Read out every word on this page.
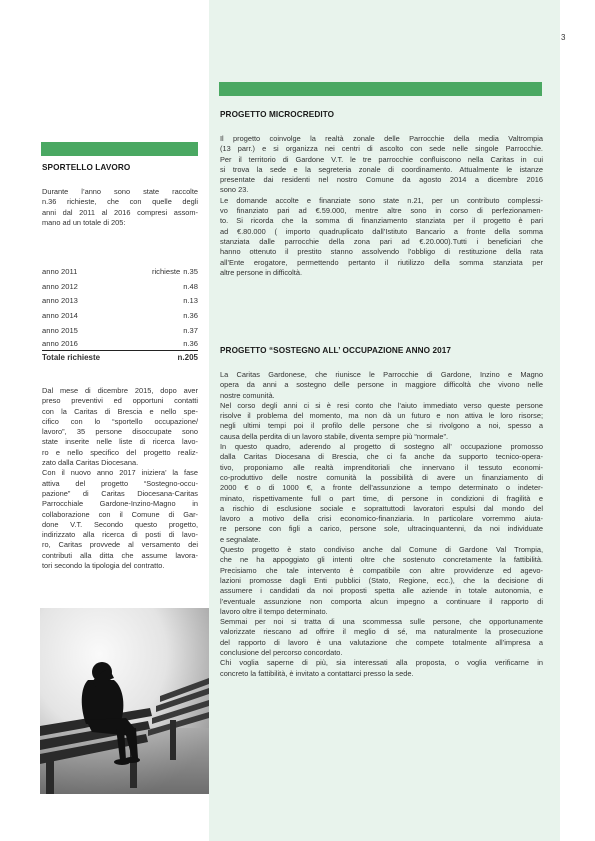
3
SPORTELLO LAVORO

Durante l’anno sono state raccolte

n.36 richieste, che con quelle degli

anni dal 2011 al 2016 compresi assom-

mano ad un totale di 205:

anno 2011	richieste n.35
anno 2012	n.48
anno 2013	n.13
anno 2014	n.36
anno 2015	n.37
anno 2016	n.36
Totale richieste	n.205

Dal mese di dicembre 2015, dopo aver

preso preventivi ed opportuni contatti

con la Caritas di Brescia e nello spe-

cifico con lo “sportello occupazione/

lavoro”, 35 persone disoccupate sono

state inserite nelle liste di ricerca lavo-

ro e nello specifico del progetto realiz-

zato dalla Caritas Diocesana.

Con il nuovo anno 2017 iniziera’ la fase

attiva del progetto “Sostegno-occu-

pazione” di Caritas Diocesana-Caritas

Parrocchiale Gardone-Inzino-Magno in

collaborazione con il Comune di Gar-

done V.T. Secondo questo progetto,

indirizzato alla ricerca di posti di lavo-

ro, Caritas provvede al versamento dei

contributi alla ditta che assume lavora-

tori secondo la tipologia del contratto.

PROGETTO MICROCREDITO

Il progetto coinvolge la realtà zonale delle Parrocchie della media Valtrompia

(13 parr.) e si organizza nei centri di ascolto con sede nelle singole Parrocchie.

Per il territorio di Gardone V.T. le tre parrocchie confluiscono nella Caritas in cui

si trova la sede e la segreteria zonale di coordinamento. Attualmente le istanze

presentate dai residenti nel nostro Comune da agosto 2014 a dicembre 2016

sono 23.

Le domande accolte e finanziate sono state n.21, per un contributo complessi-

vo finanziato pari ad €.59.000, mentre altre sono in corso di perfezionamen-

to. Si ricorda che la somma di finanziamento stanziata per il progetto è pari

ad €.80.000 ( importo quadruplicato dall’Istituto Bancario a fronte della somma

stanziata dalle parrocchie della zona pari ad €.20.000).Tutti i beneficiari che

hanno ottenuto il prestito stanno assolvendo l’obbligo di restituzione della rata

all’Ente erogatore, permettendo pertanto il riutilizzo della somma stanziata per

altre persone in difficoltà.

PROGETTO “SOSTEGNO ALL’ OCCUPAZIONE ANNO 2017

La Caritas Gardonese, che riunisce le Parrocchie di Gardone, Inzino e Magno

opera da anni a sostegno delle persone in maggiore difficoltà che vivono nelle

nostre comunità.

Nel corso degli anni ci si è resi conto che l’aiuto immediato verso queste persone

risolve il problema del momento, ma non dà un futuro e non attiva le loro risorse;

negli ultimi tempi poi il profilo delle persone che si rivolgono a noi, spesso a

causa della perdita di un lavoro stabile, diventa sempre più “normale”.

In questo quadro, aderendo al progetto di sostegno all’ occupazione promosso

dalla Caritas Diocesana di Brescia, che ci fa anche da supporto tecnico-opera-

tivo, proponiamo alle realtà imprenditoriali che innervano il tessuto economi-

co-produttivo delle nostre comunità la possibilità di avere un finanziamento di

2000 € o di 1000 €, a fronte dell’assunzione a tempo determinato o indeter-

minato, rispettivamente full o part time, di persone in condizioni di fragilità e

a rischio di esclusione sociale e soprattuttodi lavoratori espulsi dal mondo del

lavoro a motivo della crisi economico-finanziaria. In particolare vorremmo aiuta-

re persone con figli a carico, persone sole, ultracinquantenni, da noi individuate

e segnalate.

Questo progetto è stato condiviso anche dal Comune di Gardone Val Trompia,

che ne ha appoggiato gli intenti oltre che sostenuto concretamente la fattibilità.

Precisiamo che tale intervento è compatibile con altre provvidenze ed agevo-

lazioni promosse dagli Enti pubblici (Stato, Regione, ecc.), che la decisione di

assumere i candidati da noi proposti spetta alle aziende in totale autonomia, e

l’eventuale assunzione non comporta alcun impegno a continuare il rapporto di

lavoro oltre il tempo determinato.

Semmai per noi si tratta di una scommessa sulle persone, che opportunamente

valorizzate riescano ad offrire il meglio di sé, ma naturalmente la prosecuzione

del rapporto di lavoro è una valutazione che compete totalmente all’impresa a

conclusione del percorso concordato.

Chi voglia saperne di più, sia interessati alla proposta, o voglia verificarne in

concreto la fattibilità, è invitato a contattarci presso la sede.
